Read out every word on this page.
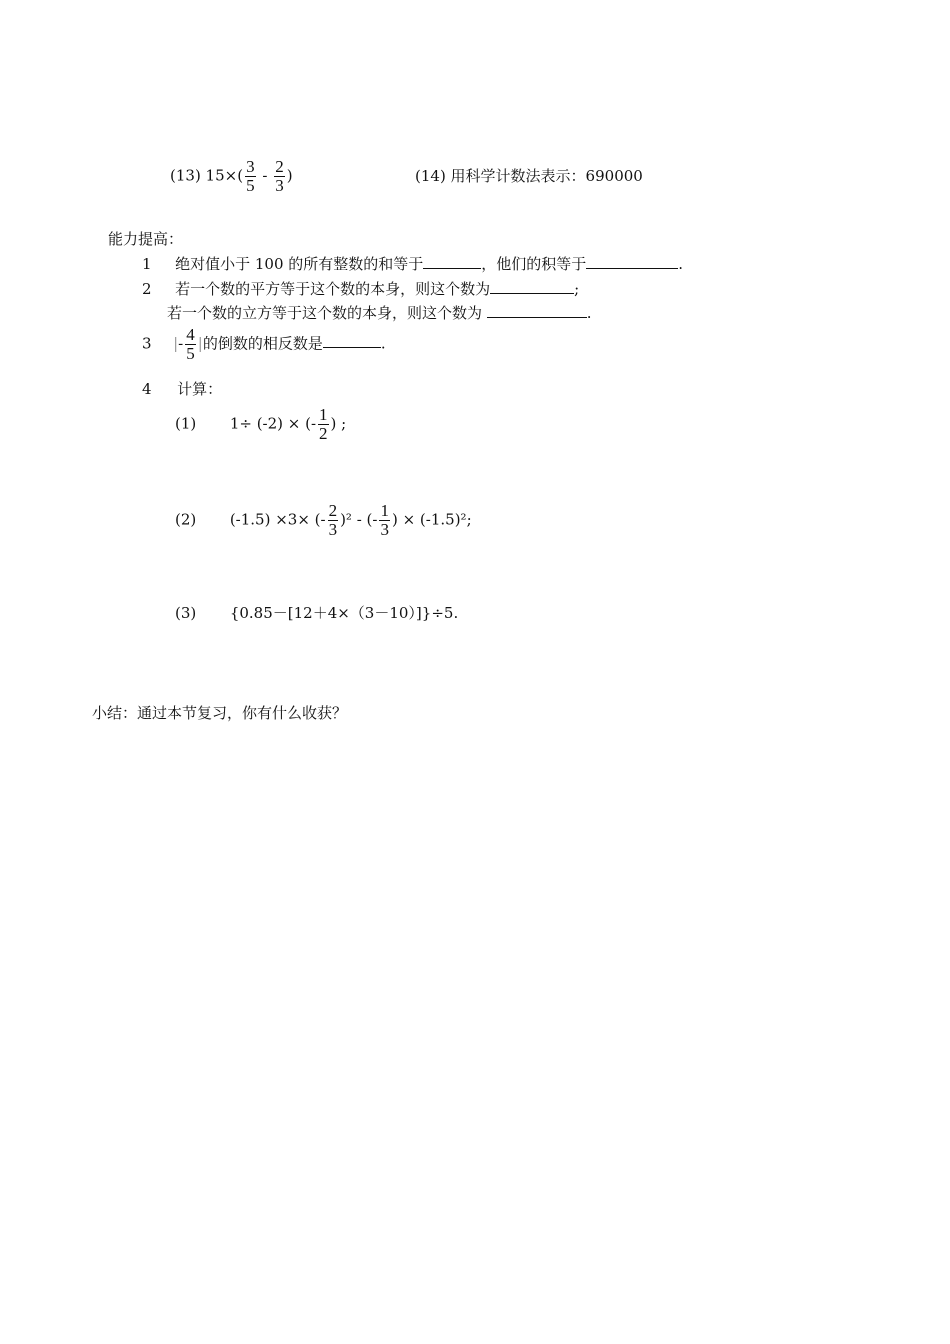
(13) $15\times( \frac{3}{5} - \frac{2}{3}$ )	(14) 用科学计数法表示：690000
能力提高：
1 绝对值小于 100 的所有整数的和等于	，他们的积等于	.
2 若一个数的平方等于这个数的本身，则这个数为	;
若一个数的立方等于这个数的本身，则这个数为	.
3 |- $\frac{4}{5}$ |的倒数的相反数是	.
4 计算：
(1) 1÷ (-2) × (- $\frac{1}{2}$ ) ;
(2) (-1.5) ×3× (- $\frac{2}{3} )^2$ - (- $\frac{1}{3}$ ) × (-1.5)²;
(3) {0.85－[12＋4×（3－10）]}÷5.
小结：通过本节复习，你有什么收获？
